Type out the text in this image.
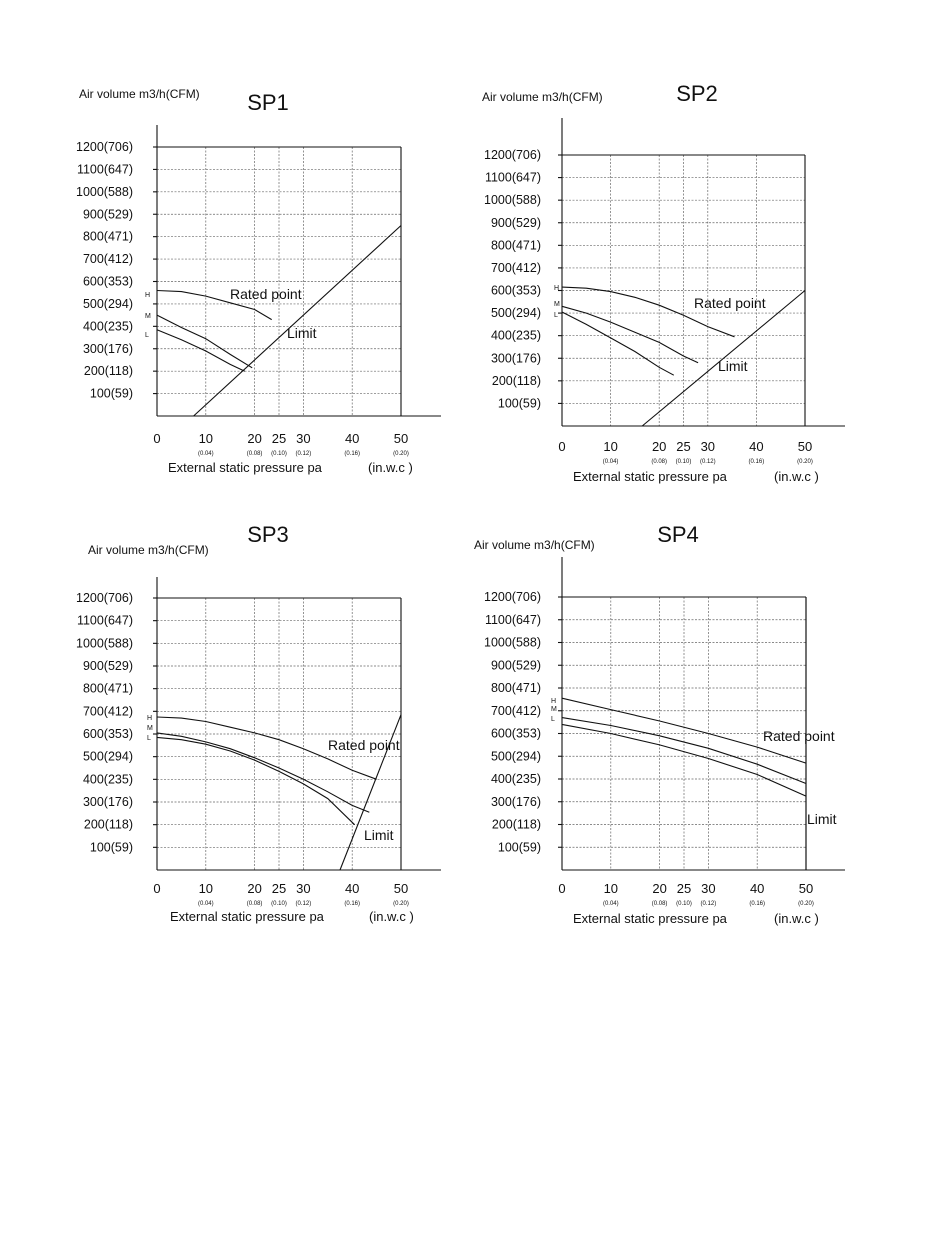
SP1
Air volume m3/h(CFM)
1200(706)
1100(647)
1000(588)
900(529)
800(471)
700(412)
600(353)
500(294)
400(235)
300(176)
200(118)
100(59)
0	10	20 25 30	40	50
(0.04)	(0.08) (0.10) (0.12)	(0.16)	(0.20)
External static pressure pa	(in.w.c )
H
M
L
Rated point
Limit
SP2
Air volume m3/h(CFM)
1200(706)
1100(647)
1000(588)
900(529)
800(471)
700(412)
600(353)
500(294)
400(235)
300(176)
200(118)
100(59)
0	10	20 25 30	40	50
(0.04)	(0.08) (0.10) (0.12)	(0.16)	(0.20)
External static pressure pa	(in.w.c )
H
M
L
Rated point
Limit
SP3
Air volume m3/h(CFM)
1200(706)
1100(647)
1000(588)
900(529)
800(471)
700(412)
600(353)
500(294)
400(235)
300(176)
200(118)
100(59)
0	10	20 25 30	40	50
(0.04)	(0.08) (0.10) (0.12)	(0.16)	(0.20)
External static pressure pa	(in.w.c )
H
M
L	Rated point
Limit
SP4
Air volume m3/h(CFM)
1200(706)
1100(647)
1000(588)
900(529)
800(471)
700(412)
600(353)
500(294)
400(235)
300(176)
200(118)
100(59)
0	10	20 25 30	40	50
(0.04)	(0.08) (0.10) (0.12)	(0.16)	(0.20)
External static pressure pa	(in.w.c )
H
M
L
Rated point
Limit
